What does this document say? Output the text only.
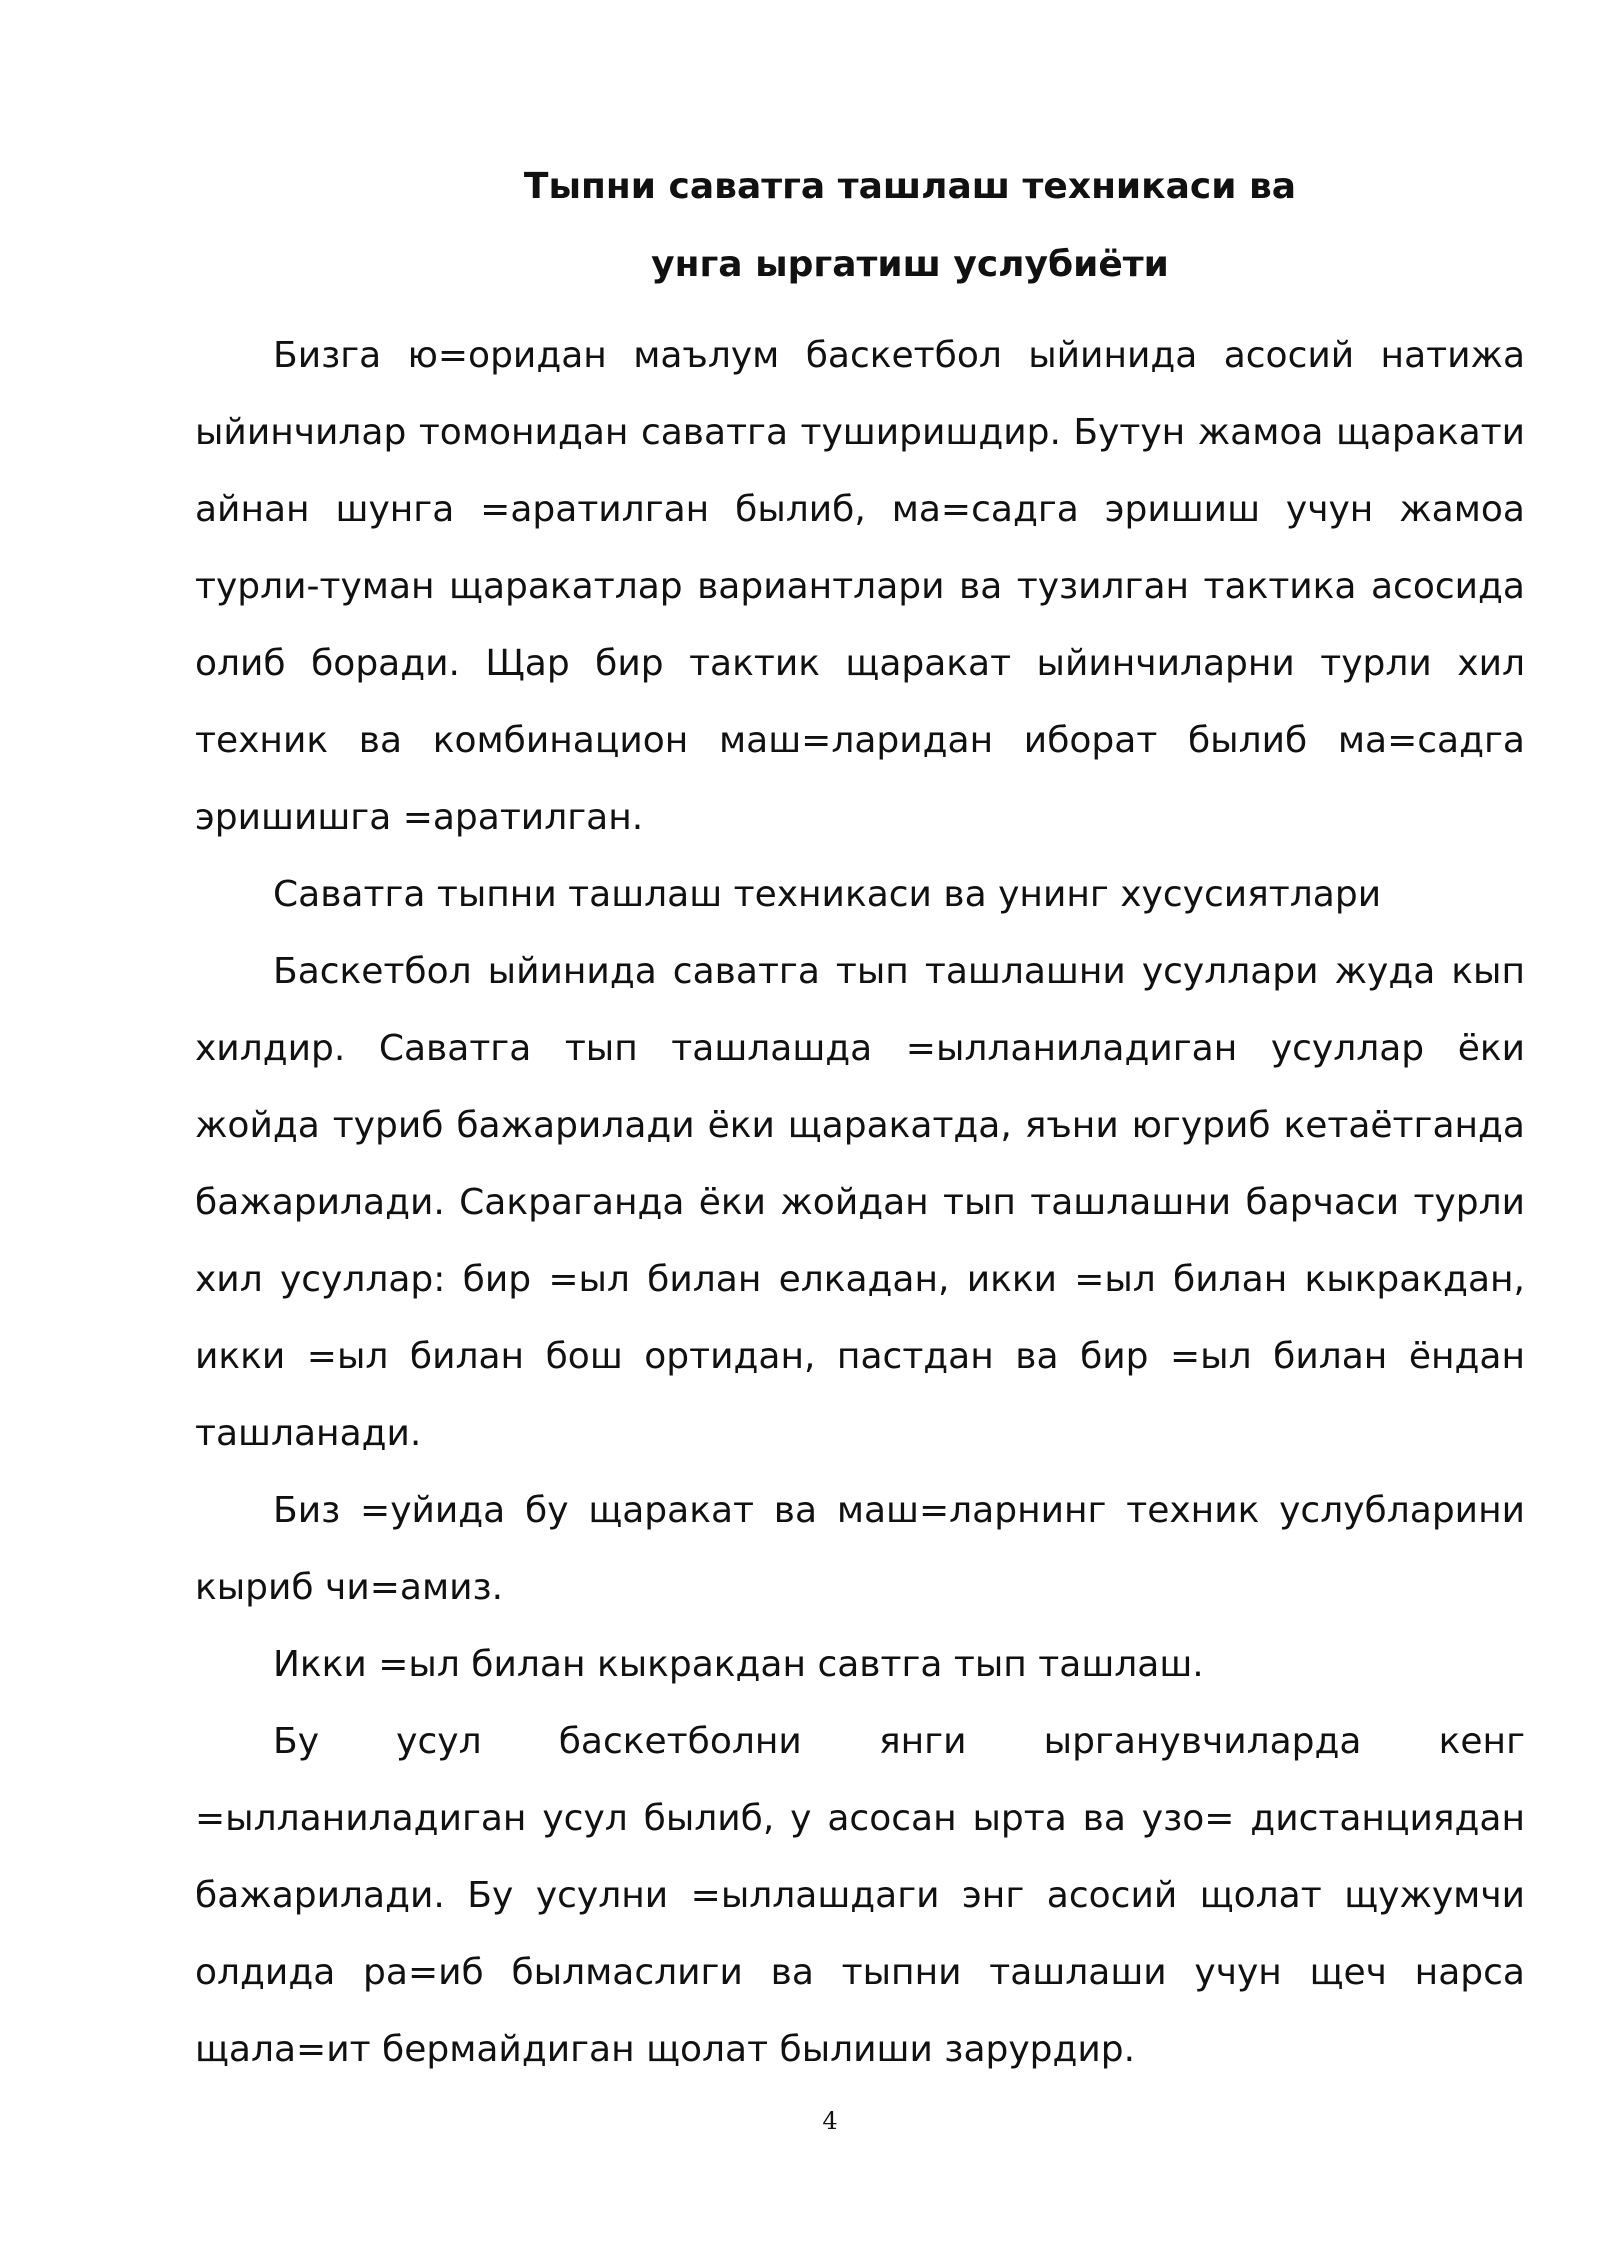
Тыпни саватга ташлаш техникаси ва
унга ыргатиш услубиёти

Бизга ю=оридан маълум баскетбол ыйинида асосий натижа ыйинчилар томонидан саватга туширишдир. Бутун жамоа щаракати айнан шунга =аратилган былиб, ма=садга эришиш учун жамоа турли-туман щаракатлар вариантлари ва тузилган тактика асосида олиб боради. Щар бир тактик щаракат ыйинчиларни турли хил техник ва комбинацион маш=ларидан иборат былиб ма=садга эришишга =аратилган.

Саватга тыпни ташлаш техникаси ва унинг хусусиятлари

Баскетбол ыйинида саватга тып ташлашни усуллари жуда кып хилдир. Саватга тып ташлашда =ылланиладиган усуллар ёки жойда туриб бажарилади ёки щаракатда, яъни югуриб кетаётганда бажарилади. Сакраганда ёки жойдан тып ташлашни барчаси турли хил усуллар: бир =ыл билан елкадан, икки =ыл билан кыкракдан, икки =ыл билан бош ортидан, пастдан ва бир =ыл билан ёндан ташланади.

Биз =уйида бу щаракат ва маш=ларнинг техник услубларини кыриб чи=амиз.

Икки =ыл билан кыкракдан савтга тып ташлаш.

Бу усул баскетболни янги ырганувчиларда кенг =ылланиладиган усул былиб, у асосан ырта ва узо= дистанциядан бажарилади. Бу усулни =ыллашдаги энг асосий щолат щужумчи олдида ра=иб былмаслиги ва тыпни ташлаши учун щеч нарса щала=ит бермайдиган щолат былиши зарурдир.

4
